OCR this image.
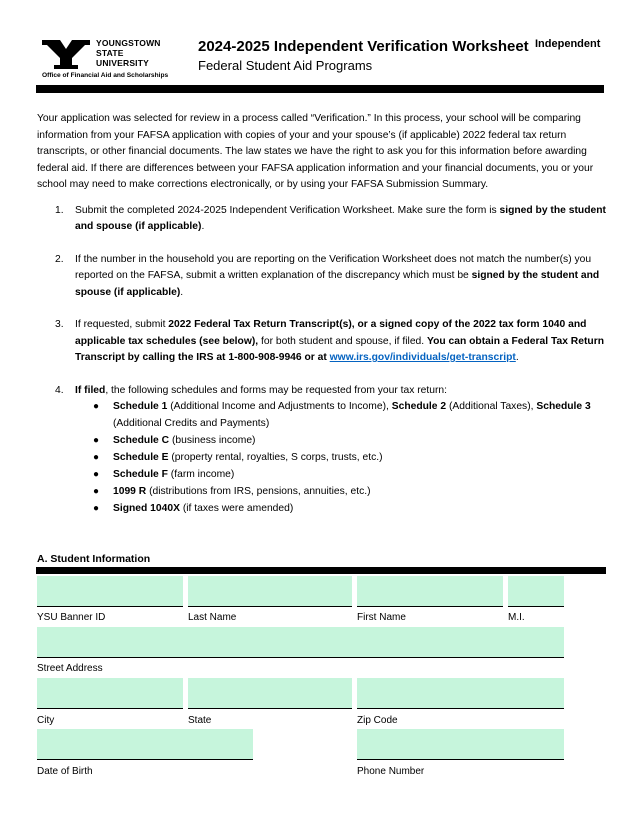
YOUNGSTOWN
STATE
UNIVERSITY
Office of Financial Aid and Scholarships
2024-2025 Independent Verification Worksheet
Federal Student Aid Programs
Independent

Your application was selected for review in a process called “Verification.” In this process, your school will be comparing information from your FAFSA application with copies of your and your spouse’s (if applicable) 2022 federal tax return transcripts, or other financial documents. The law states we have the right to ask you for this information before awarding federal aid. If there are differences between your FAFSA application information and your financial documents, you or your school may need to make corrections electronically, or by using your FAFSA Submission Summary.

1. Submit the completed 2024-2025 Independent Verification Worksheet. Make sure the form is signed by the student and spouse (if applicable).
2. If the number in the household you are reporting on the Verification Worksheet does not match the number(s) you reported on the FAFSA, submit a written explanation of the discrepancy which must be signed by the student and spouse (if applicable).
3. If requested, submit 2022 Federal Tax Return Transcript(s), or a signed copy of the 2022 tax form 1040 and applicable tax schedules (see below), for both student and spouse, if filed. You can obtain a Federal Tax Return Transcript by calling the IRS at 1-800-908-9946 or at www.irs.gov/individuals/get-transcript.
4. If filed, the following schedules and forms may be requested from your tax return:
● Schedule 1 (Additional Income and Adjustments to Income), Schedule 2 (Additional Taxes), Schedule 3 (Additional Credits and Payments)
● Schedule C (business income)
● Schedule E (property rental, royalties, S corps, trusts, etc.)
● Schedule F (farm income)
● 1099 R (distributions from IRS, pensions, annuities, etc.)
● Signed 1040X (if taxes were amended)
A. Student Information
YSU Banner ID	Last Name	First Name	M.I.
Street Address
City	State	Zip Code
Date of Birth	Phone Number
